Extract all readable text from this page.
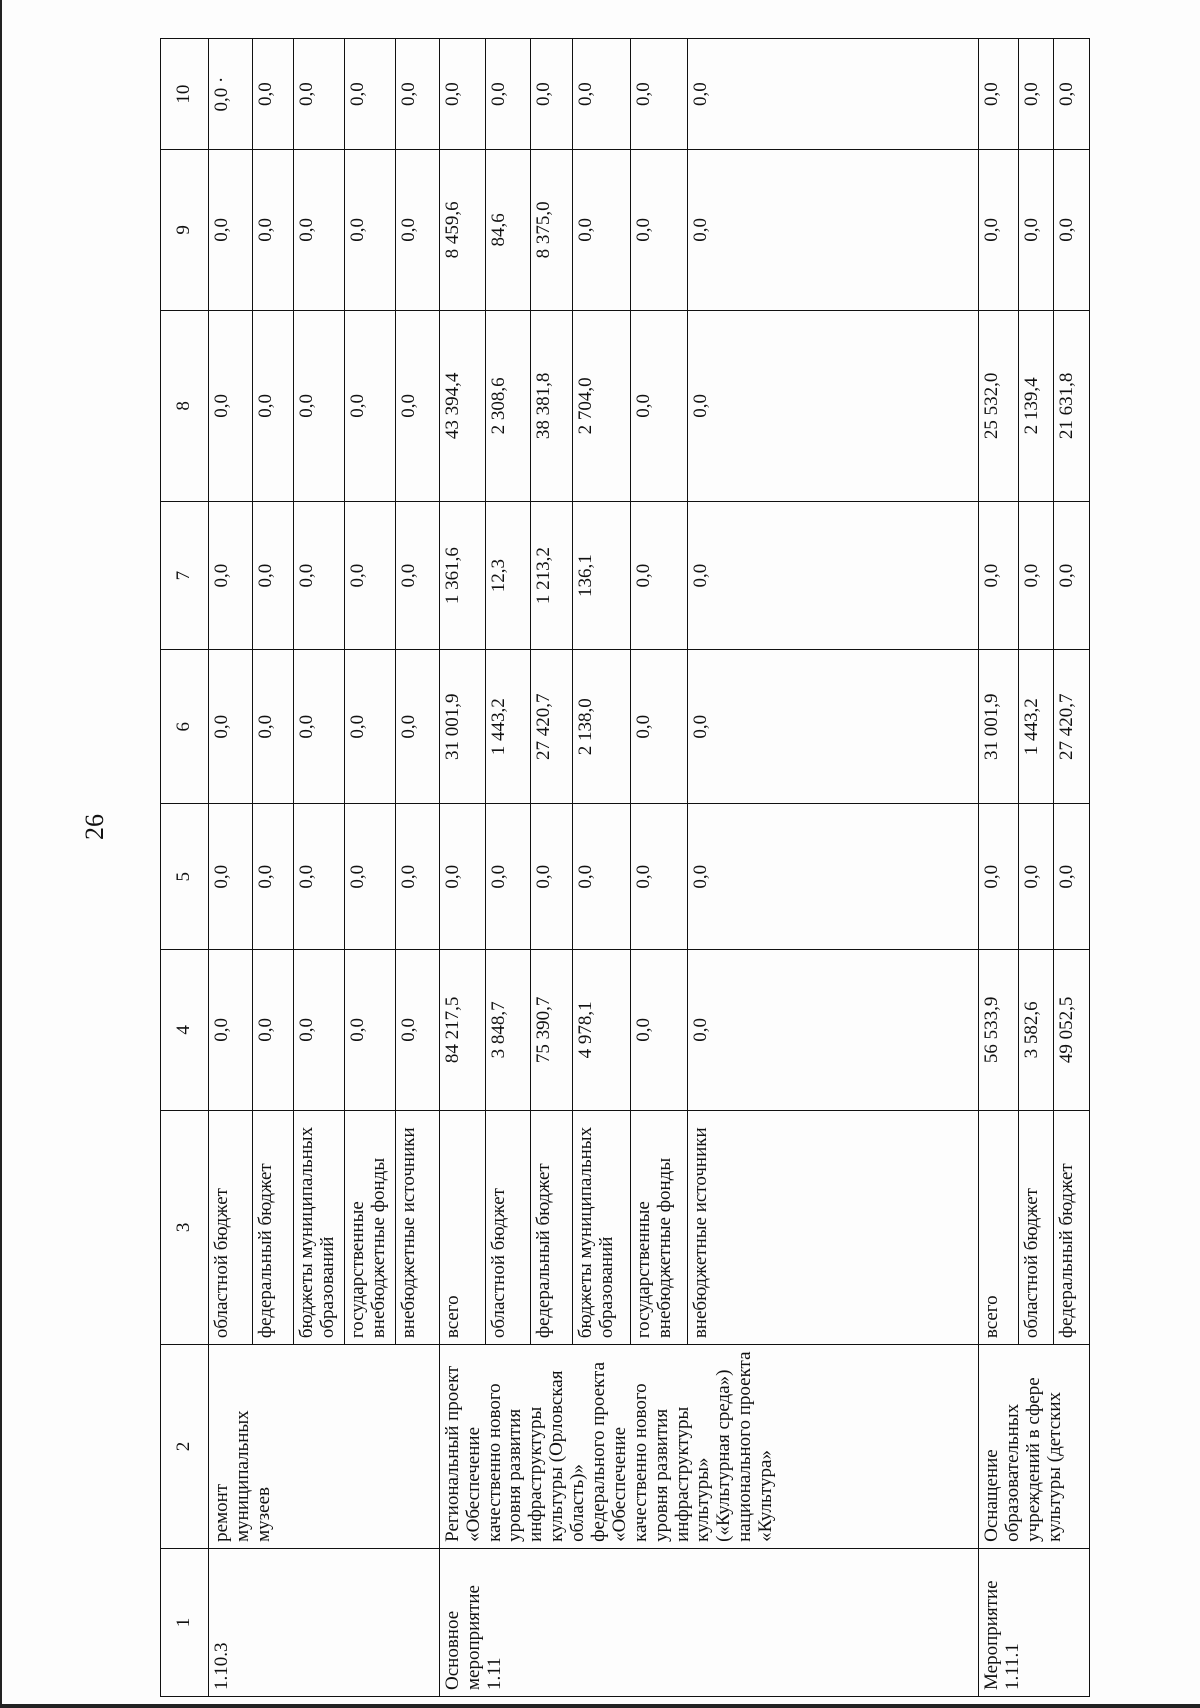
26
1	2	3	4	5	6	7	8	9	10
1.10.3	ремонт муниципальных музеев	областной бюджет	0,0	0,0	0,0	0,0	0,0	0,0	0,0 ·
		федеральный бюджет	0,0	0,0	0,0	0,0	0,0	0,0	0,0
		бюджеты муниципальных образований	0,0	0,0	0,0	0,0	0,0	0,0	0,0
		государственные внебюджетные фонды	0,0	0,0	0,0	0,0	0,0	0,0	0,0
		внебюджетные источники	0,0	0,0	0,0	0,0	0,0	0,0	0,0
Основное мероприятие 1.11	Региональный проект «Обеспечение качественно нового уровня развития инфраструктуры культуры (Орловская область)» федерального проекта «Обеспечение качественно нового уровня развития инфраструктуры культуры» («Культурная среда») национального проекта «Культура»	всего	84 217,5	0,0	31 001,9	1 361,6	43 394,4	8 459,6	0,0
		областной бюджет	3 848,7	0,0	1 443,2	12,3	2 308,6	84,6	0,0
		федеральный бюджет	75 390,7	0,0	27 420,7	1 213,2	38 381,8	8 375,0	0,0
		бюджеты муниципальных образований	4 978,1	0,0	2 138,0	136,1	2 704,0	0,0	0,0
		государственные внебюджетные фонды	0,0	0,0	0,0	0,0	0,0	0,0	0,0
		внебюджетные источники	0,0	0,0	0,0	0,0	0,0	0,0	0,0
Мероприятие 1.11.1	Оснащение образовательных учреждений в сфере культуры (детских	всего	56 533,9	0,0	31 001,9	0,0	25 532,0	0,0	0,0
		областной бюджет	3 582,6	0,0	1 443,2	0,0	2 139,4	0,0	0,0
		федеральный бюджет	49 052,5	0,0	27 420,7	0,0	21 631,8	0,0	0,0
